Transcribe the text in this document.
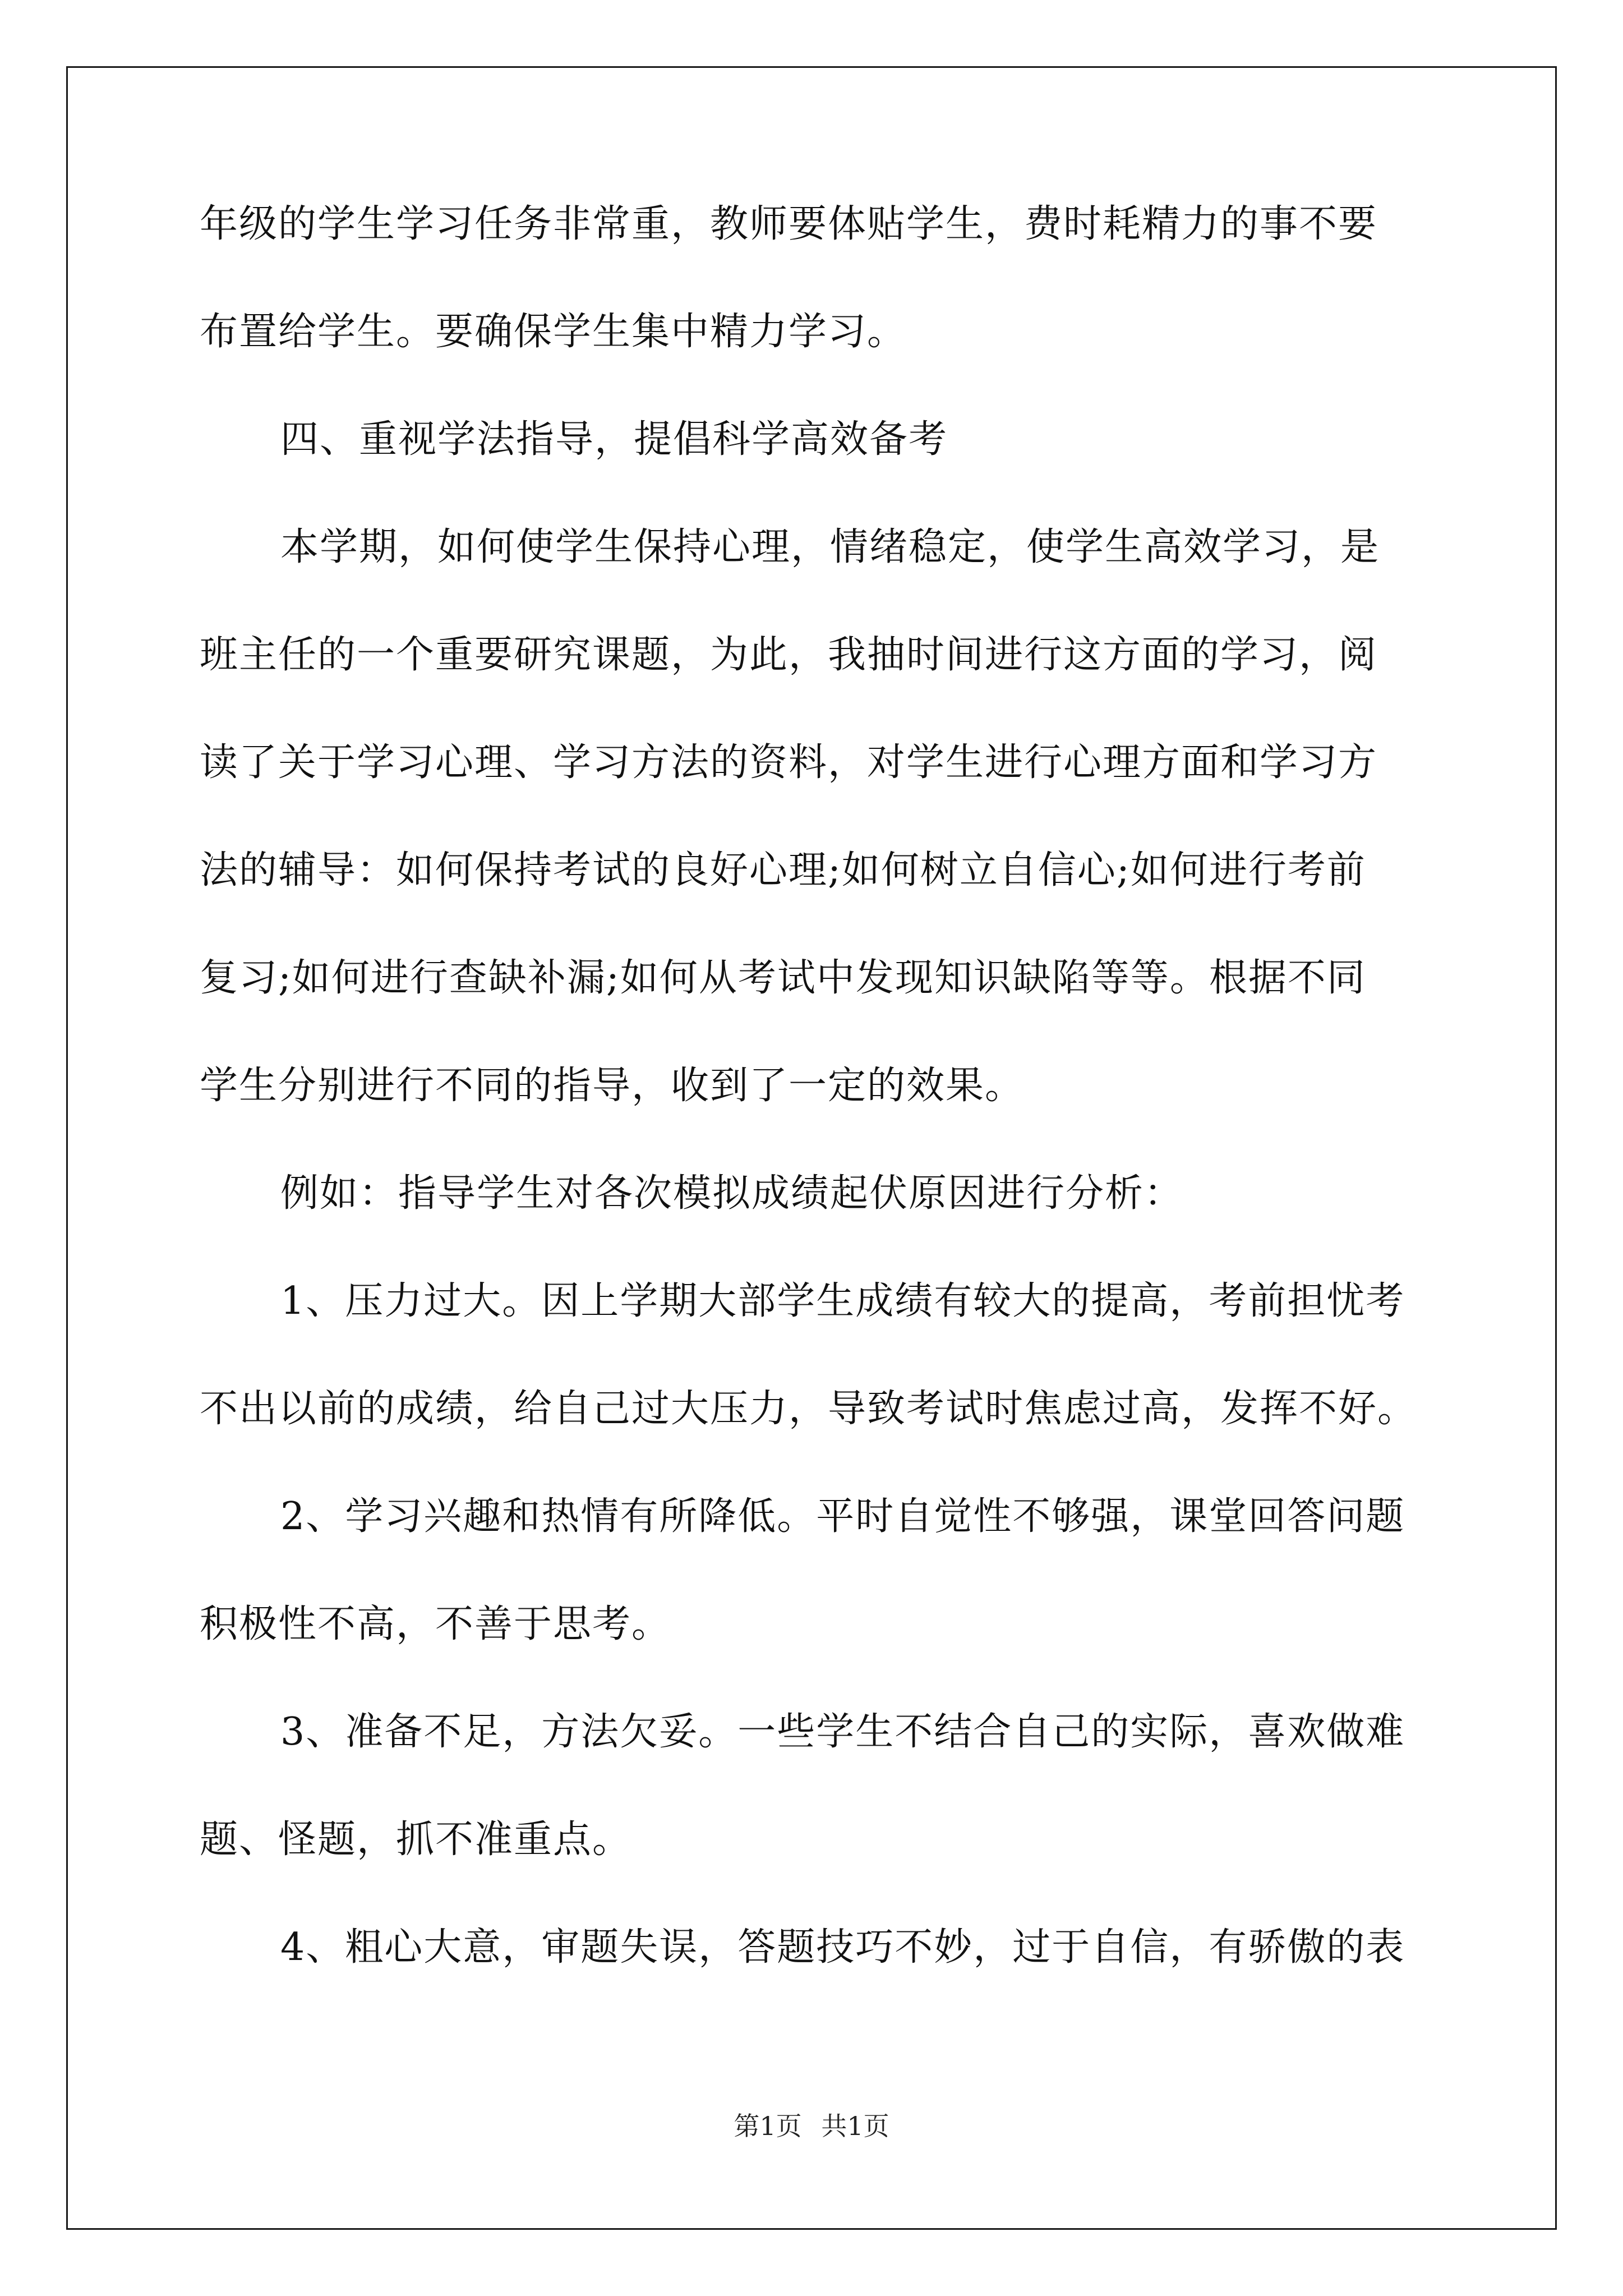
年级的学生学习任务非常重，教师要体贴学生，费时耗精力的事不要
布置给学生。要确保学生集中精力学习。
四、重视学法指导，提倡科学高效备考
本学期，如何使学生保持心理，情绪稳定，使学生高效学习，是
班主任的一个重要研究课题，为此，我抽时间进行这方面的学习，阅
读了关于学习心理、学习方法的资料，对学生进行心理方面和学习方
法的辅导：如何保持考试的良好心理;如何树立自信心;如何进行考前
复习;如何进行查缺补漏;如何从考试中发现知识缺陷等等。根据不同
学生分别进行不同的指导，收到了一定的效果。
例如：指导学生对各次模拟成绩起伏原因进行分析：
1、压力过大。因上学期大部学生成绩有较大的提高，考前担忧考
不出以前的成绩，给自己过大压力，导致考试时焦虑过高，发挥不好。
2、学习兴趣和热情有所降低。平时自觉性不够强，课堂回答问题
积极性不高，不善于思考。
3、准备不足，方法欠妥。一些学生不结合自己的实际，喜欢做难
题、怪题，抓不准重点。
4、粗心大意，审题失误，答题技巧不妙，过于自信，有骄傲的表
第1页 共1页
